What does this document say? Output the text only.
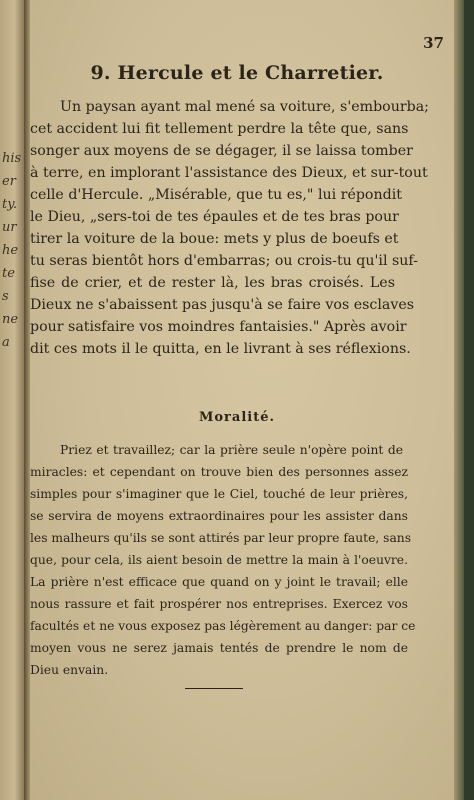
his
er
ty.
ur
he
te
s
ne
a
37
9. Hercule et le Charretier.
Un paysan ayant mal mené sa voiture, s'embourba;
cet accident lui fit tellement perdre la tête que, sans
songer aux moyens de se dégager, il se laissa tomber
à terre, en implorant l'assistance des Dieux, et sur-tout
celle d'Hercule. „Misérable, que tu es," lui répondit
le Dieu, „sers-toi de tes épaules et de tes bras pour
tirer la voiture de la boue: mets y plus de boeufs et
tu seras bientôt hors d'embarras; ou crois-tu qu'il suf-
fise de crier, et de rester là, les bras croisés. Les
Dieux ne s'abaissent pas jusqu'à se faire vos esclaves
pour satisfaire vos moindres fantaisies." Après avoir
dit ces mots il le quitta, en le livrant à ses réflexions.
Moralité.
Priez et travaillez; car la prière seule n'opère point de
miracles: et cependant on trouve bien des personnes assez
simples pour s'imaginer que le Ciel, touché de leur prières,
se servira de moyens extraordinaires pour les assister dans
les malheurs qu'ils se sont attirés par leur propre faute, sans
que, pour cela, ils aient besoin de mettre la main à l'oeuvre.
La prière n'est efficace que quand on y joint le travail; elle
nous rassure et fait prospérer nos entreprises. Exercez vos
facultés et ne vous exposez pas légèrement au danger: par ce
moyen vous ne serez jamais tentés de prendre le nom de
Dieu envain.
